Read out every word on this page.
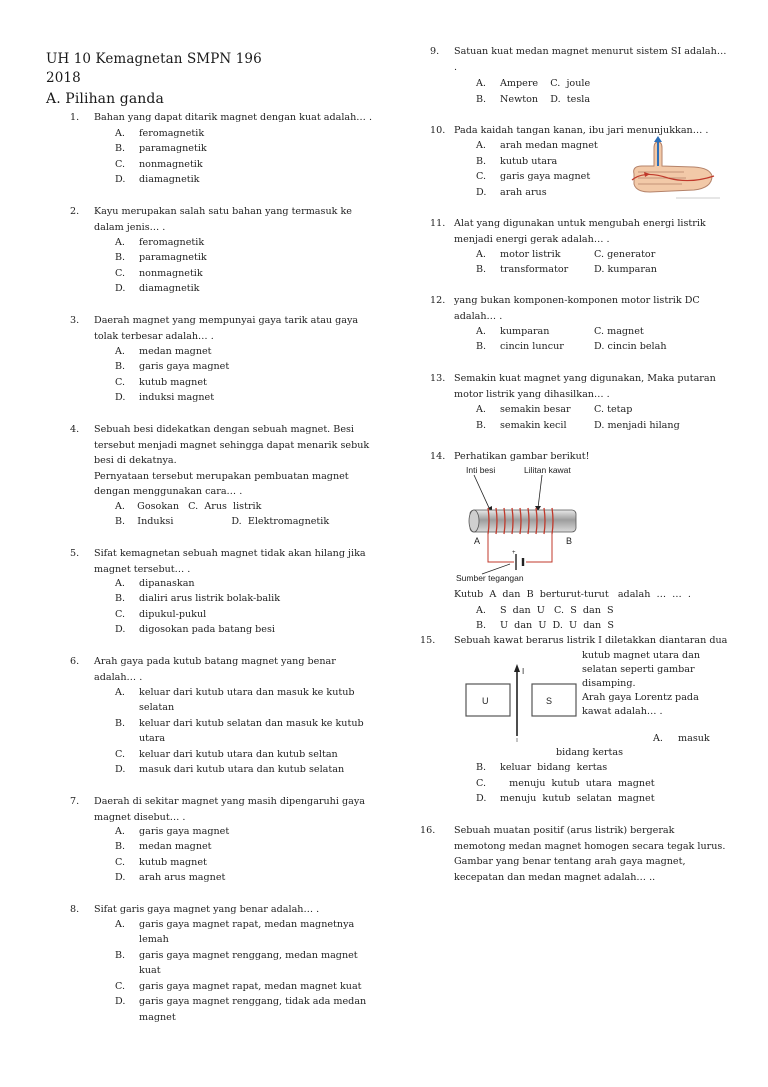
UH 10 Kemagnetan SMPN 196
2018
A. Pilihan ganda
1. Bahan yang dapat ditarik magnet dengan kuat adalah… .
A. feromagnetik
B. paramagnetik
C. nonmagnetik
D. diamagnetik
2. Kayu merupakan salah satu bahan yang termasuk ke
dalam jenis… .
A. feromagnetik
B. paramagnetik
C. nonmagnetik
D. diamagnetik
3. Daerah magnet yang mempunyai gaya tarik atau gaya
tolak terbesar adalah… .
A. medan magnet
B. garis gaya magnet
C. kutub magnet
D. induksi magnet
4. Sebuah besi didekatkan dengan sebuah magnet. Besi
tersebut menjadi magnet sehingga dapat menarik sebuk
besi di dekatnya.
Pernyataan tersebut merupakan pembuatan magnet
dengan menggunakan cara… .
A.    Gosokan   C.  Arus  listrik
B.    Induksi                   D.  Elektromagnetik
5. Sifat kemagnetan sebuah magnet tidak akan hilang jika
magnet tersebut… .
A. dipanaskan
B. dialiri arus listrik bolak-balik
C. dipukul-pukul
D. digosokan pada batang besi
6. Arah gaya pada kutub batang magnet yang benar
adalah… .
A. keluar dari kutub utara dan masuk ke kutub
selatan
B. keluar dari kutub selatan dan masuk ke kutub
utara
C. keluar dari kutub utara dan kutub seltan
D. masuk dari kutub utara dan kutub selatan
7. Daerah di sekitar magnet yang masih dipengaruhi gaya
magnet disebut… .
A. garis gaya magnet
B. medan magnet
C. kutub magnet
D. arah arus magnet
8. Sifat garis gaya magnet yang benar adalah… .
A. garis gaya magnet rapat, medan magnetnya
lemah
B. garis gaya magnet renggang, medan magnet
kuat
C. garis gaya magnet rapat, medan magnet kuat
D. garis gaya magnet renggang, tidak ada medan
magnet
9. Satuan kuat medan magnet menurut sistem SI adalah…
.
A. Ampere    C.  joule
B. Newton    D.  tesla
10. Pada kaidah tangan kanan, ibu jari menunjukkan… .
A. arah medan magnet
B. kutub utara
C. garis gaya magnet
D. arah arus
11. Alat yang digunakan untuk mengubah energi listrik
menjadi energi gerak adalah… .
A. motor listrik	C. generator
B. transformator	D. kumparan
12. yang bukan komponen-komponen motor listrik DC
adalah… .
A. kumparan	C. magnet
B. cincin luncur	D. cincin belah
13. Semakin kuat magnet yang digunakan, Maka putaran
motor listrik yang dihasilkan… .
A. semakin besar C. tetap
B. semakin kecil	D. menjadi hilang
14. Perhatikan gambar berikut!
Inti besi	Lilitan kawat
A	B
+
Sumber tegangan
Kutub  A  dan  B  berturut-turut   adalah  …  …  .
A. S  dan  U   C.  S  dan  S
B. U  dan  U  D.  U  dan  S
15. Sebuah kawat berarus listrik I diletakkan diantaran dua
kutub magnet utara dan
selatan seperti gambar
disamping.
Arah gaya Lorentz pada
kawat adalah… .
U	S
I
A. masuk
bidang kertas
B. keluar  bidang  kertas
C.   menuju  kutub  utara  magnet
D. menuju  kutub  selatan  magnet
16. Sebuah muatan positif (arus listrik) bergerak
memotong medan magnet homogen secara tegak lurus.
Gambar yang benar tentang arah gaya magnet,
kecepatan dan medan magnet adalah… ..
